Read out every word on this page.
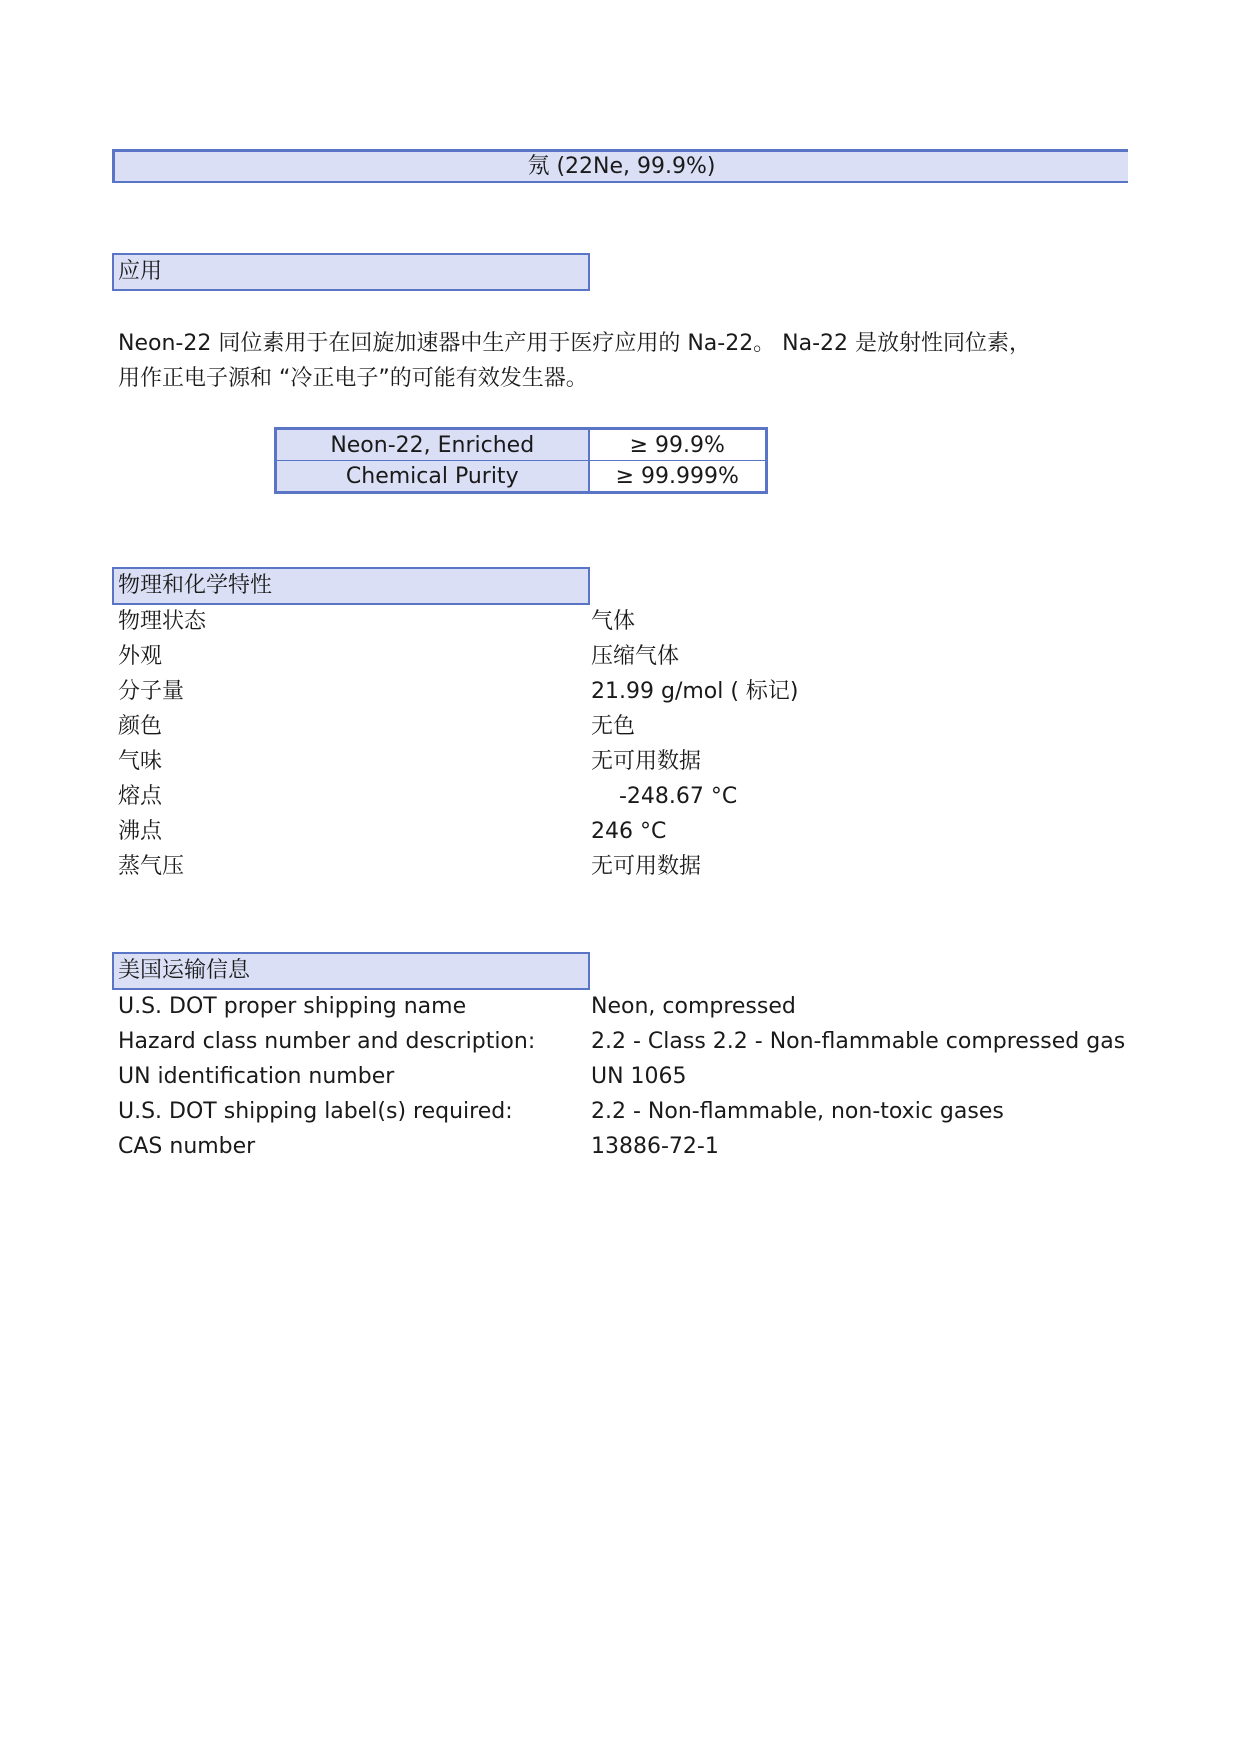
氖 (22Ne, 99.9%)
应用

Neon-22 同位素用于在回旋加速器中生产用于医疗应用的 Na-22。 Na-22 是放射性同位素，
用作正电子源和 “冷正电子”的可能有效发生器。

Neon-22, Enriched	≥ 99.9%
Chemical Purity	≥ 99.999%
物理和化学特性
物理状态	气体
外观	压缩气体
分子量	21.99 g/mol ( 标记)
颜色	无色
气味	无可用数据
熔点	-248.67 °C
沸点	246 °C
蒸气压	无可用数据
美国运输信息
U.S. DOT proper shipping name	Neon, compressed
Hazard class number and description:	2.2 - Class 2.2 - Non-flammable compressed gas
UN identification number	UN 1065
U.S. DOT shipping label(s) required:	2.2 - Non-flammable, non-toxic gases
CAS number	13886-72-1
